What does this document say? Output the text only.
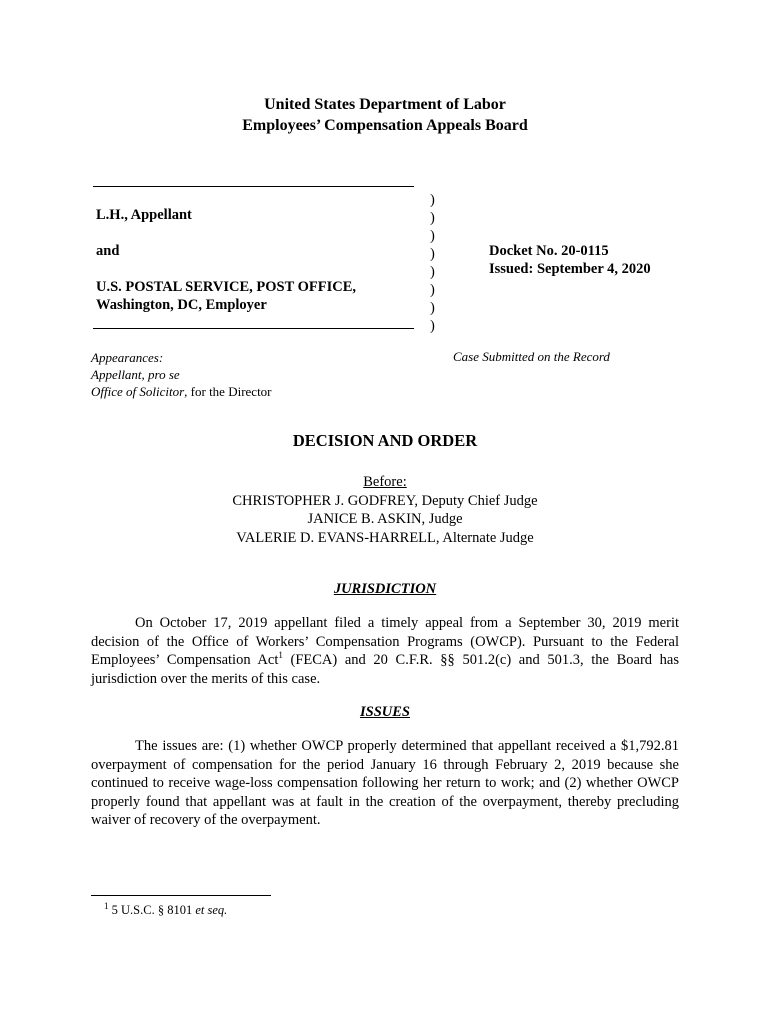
United States Department of Labor
Employees’ Compensation Appeals Board
L.H., Appellant
and
U.S. POSTAL SERVICE, POST OFFICE,
Washington, DC, Employer
)
)
)
)
)
)
)
)
Docket No. 20-0115
Issued: September 4, 2020
Appearances:
Appellant, pro se
Office of Solicitor, for the Director
Case Submitted on the Record
DECISION AND ORDER
Before:
CHRISTOPHER J. GODFREY, Deputy Chief Judge
JANICE B. ASKIN, Judge
VALERIE D. EVANS-HARRELL, Alternate Judge
JURISDICTION
On October 17, 2019 appellant filed a timely appeal from a September 30, 2019 merit decision of the Office of Workers’ Compensation Programs (OWCP). Pursuant to the Federal Employees’ Compensation Act$^1$ (FECA) and 20 C.F.R. §§ 501.2(c) and 501.3, the Board has jurisdiction over the merits of this case.
ISSUES
The issues are: (1) whether OWCP properly determined that appellant received a $1,792.81 overpayment of compensation for the period January 16 through February 2, 2019 because she continued to receive wage-loss compensation following her return to work; and (2) whether OWCP properly found that appellant was at fault in the creation of the overpayment, thereby precluding waiver of recovery of the overpayment.
$^1$ 5 U.S.C. § 8101 et seq.
